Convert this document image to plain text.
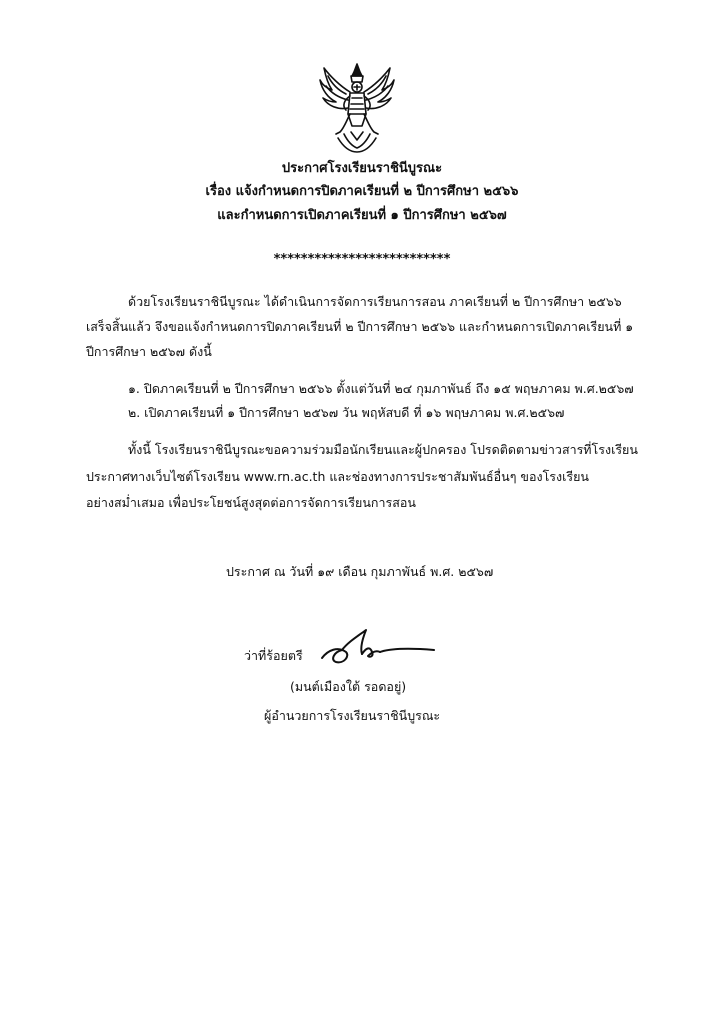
ประกาศโรงเรียนราชินีบูรณะ
เรื่อง แจ้งกำหนดการปิดภาคเรียนที่ ๒ ปีการศึกษา ๒๕๖๖
และกำหนดการเปิดภาคเรียนที่ ๑ ปีการศึกษา ๒๕๖๗
**************************
ด้วยโรงเรียนราชินีบูรณะ ได้ดำเนินการจัดการเรียนการสอน ภาคเรียนที่ ๒ ปีการศึกษา ๒๕๖๖
เสร็จสิ้นแล้ว จึงขอแจ้งกำหนดการปิดภาคเรียนที่ ๒ ปีการศึกษา ๒๕๖๖ และกำหนดการเปิดภาคเรียนที่ ๑
ปีการศึกษา ๒๕๖๗ ดังนี้
๑. ปิดภาคเรียนที่ ๒ ปีการศึกษา ๒๕๖๖ ตั้งแต่วันที่ ๒๔ กุมภาพันธ์ ถึง ๑๕ พฤษภาคม พ.ศ.๒๕๖๗
๒. เปิดภาคเรียนที่ ๑ ปีการศึกษา ๒๕๖๗ วัน พฤหัสบดี ที่ ๑๖ พฤษภาคม พ.ศ.๒๕๖๗
ทั้งนี้ โรงเรียนราชินีบูรณะขอความร่วมมือนักเรียนและผู้ปกครอง โปรดติดตามข่าวสารที่โรงเรียน
ประกาศทางเว็บไซต์โรงเรียน www.rn.ac.th และช่องทางการประชาสัมพันธ์อื่นๆ ของโรงเรียน
อย่างสม่ำเสมอ เพื่อประโยชน์สูงสุดต่อการจัดการเรียนการสอน
ประกาศ ณ วันที่ ๑๙ เดือน กุมภาพันธ์ พ.ศ. ๒๕๖๗
ว่าที่ร้อยตรี
(มนต์เมืองใต้ รอดอยู่)
ผู้อำนวยการโรงเรียนราชินีบูรณะ
